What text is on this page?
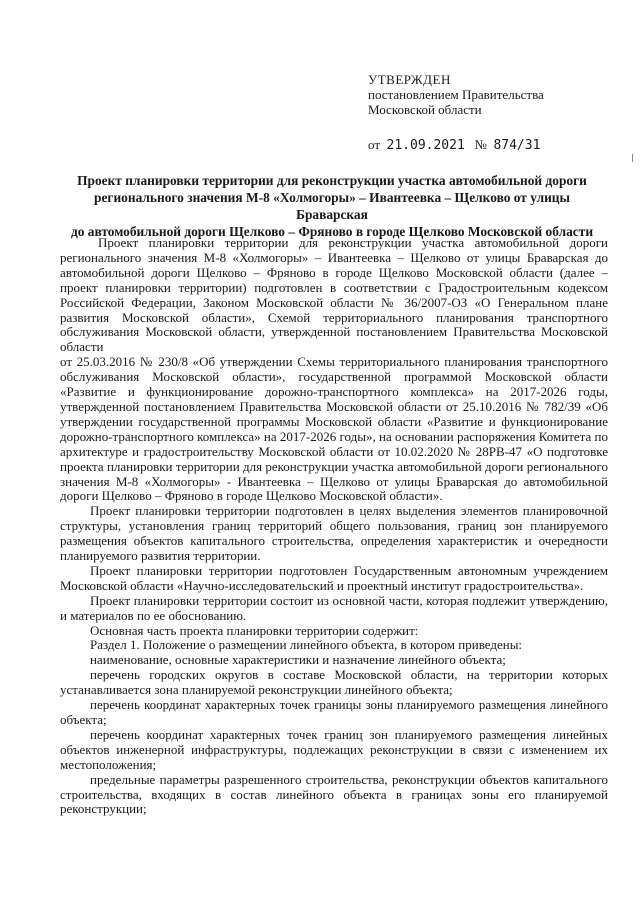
УТВЕРЖДЕН
постановлением Правительства
Московской области
от 21.09.2021 № 874/31
Проект планировки территории для реконструкции участка автомобильной дороги
регионального значения М-8 «Холмогоры» – Ивантеевка – Щелково от улицы Браварская
до автомобильной дороги Щелково – Фряново в городе Щелково Московской области

Проект планировки территории для реконструкции участка автомобильной дороги регионального значения М-8 «Холмогоры» – Ивантеевка – Щелково от улицы Браварская до автомобильной дороги Щелково – Фряново в городе Щелково Московской области (далее – проект планировки территории) подготовлен в соответствии с Градостроительным кодексом Российской Федерации, Законом Московской области № 36/2007-ОЗ «О Генеральном плане развития Московской области», Схемой территориального планирования транспортного обслуживания Московской области, утвержденной постановлением Правительства Московской области

от 25.03.2016 № 230/8 «Об утверждении Схемы территориального планирования транспортного обслуживания Московской области», государственной программой Московской области «Развитие и функционирование дорожно-транспортного комплекса» на 2017-2026 годы, утвержденной постановлением Правительства Московской области от 25.10.2016 № 782/39 «Об утверждении государственной программы Московской области «Развитие и функционирование дорожно-транспортного комплекса» на 2017-2026 годы», на основании распоряжения Комитета по архитектуре и градостроительству Московской области от 10.02.2020 № 28РВ-47 «О подготовке проекта планировки территории для реконструкции участка автомобильной дороги регионального значения М-8 «Холмогоры» - Ивантеевка – Щелково от улицы Браварская до автомобильной дороги Щелково – Фряново в городе Щелково Московской области».

Проект планировки территории подготовлен в целях выделения элементов планировочной структуры, установления границ территорий общего пользования, границ зон планируемого размещения объектов капитального строительства, определения характеристик и очередности планируемого развития территории.

Проект планировки территории подготовлен Государственным автономным учреждением Московской области «Научно-исследовательский и проектный институт градостроительства».

Проект планировки территории состоит из основной части, которая подлежит утверждению, и материалов по ее обоснованию.

Основная часть проекта планировки территории содержит:

Раздел 1. Положение о размещении линейного объекта, в котором приведены:

наименование, основные характеристики и назначение линейного объекта;

перечень городских округов в составе Московской области, на территории которых устанавливается зона планируемой реконструкции линейного объекта;

перечень координат характерных точек границы зоны планируемого размещения линейного объекта;

перечень координат характерных точек границ зон планируемого размещения линейных объектов инженерной инфраструктуры, подлежащих реконструкции в связи с изменением их местоположения;

предельные параметры разрешенного строительства, реконструкции объектов капитального строительства, входящих в состав линейного объекта в границах зоны его планируемой реконструкции;
